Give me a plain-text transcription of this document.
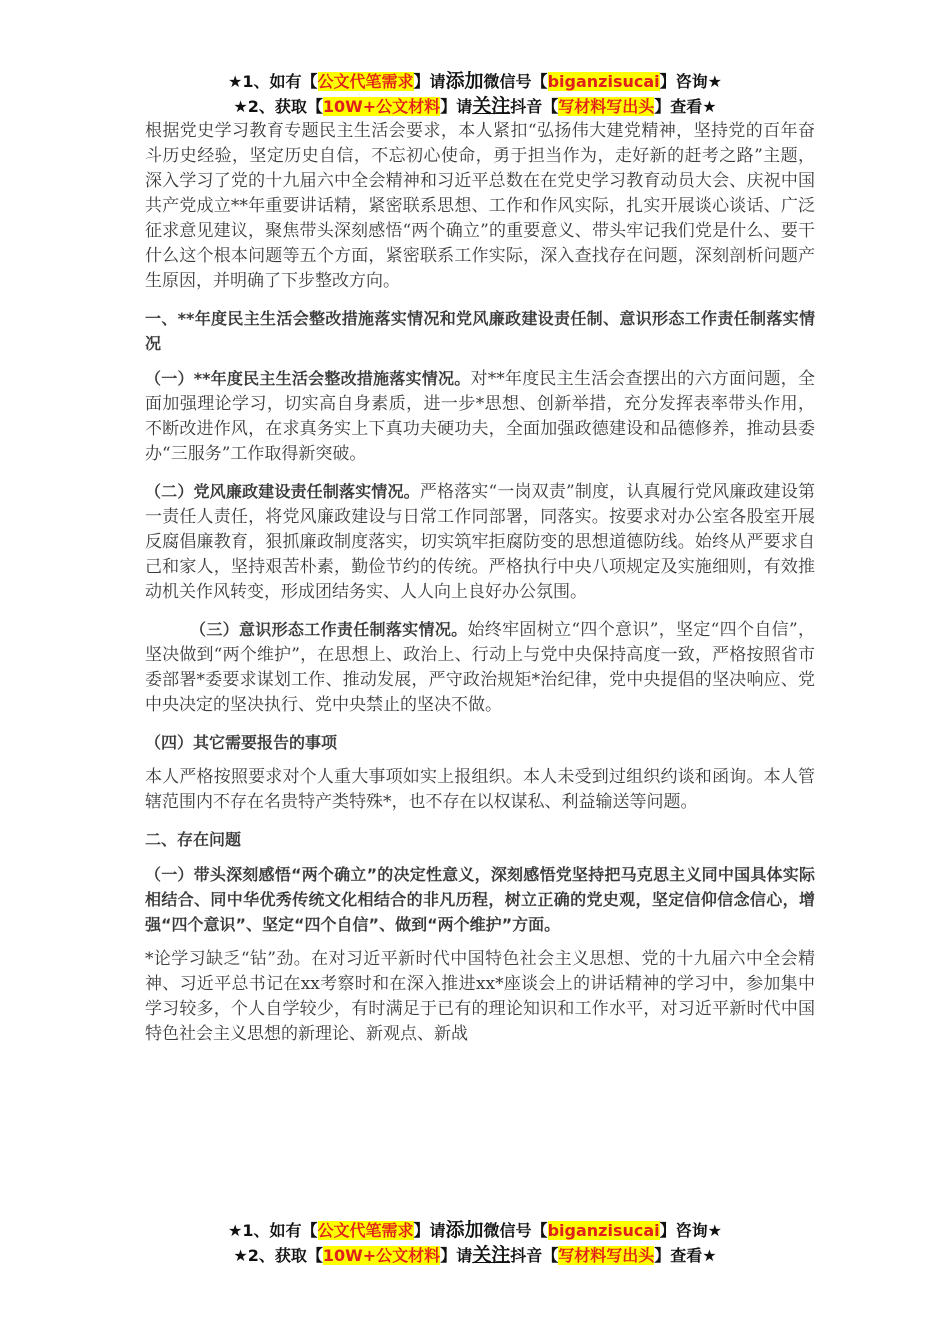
★1、如有【公文代笔需求】请添加微信号【biganzisucai】咨询★
★2、获取【10W+公文材料】请关注抖音【写材料写出头】查看★

根据党史学习教育专题民主生活会要求，本人紧扣“弘扬伟大建党精神，坚持党的百年奋斗历史经验，坚定历史自信，不忘初心使命，勇于担当作为，走好新的赶考之路”主题，深入学习了党的十九届六中全会精神和习近平总数在在党史学习教育动员大会、庆祝中国共产党成立**年重要讲话精，紧密联系思想、工作和作风实际，扎实开展谈心谈话、广泛征求意见建议，聚焦带头深刻感悟“两个确立”的重要意义、带头牢记我们党是什么、要干什么这个根本问题等五个方面，紧密联系工作实际，深入查找存在问题，深刻剖析问题产生原因，并明确了下步整改方向。

一、**年度民主生活会整改措施落实情况和党风廉政建设责任制、意识形态工作责任制落实情况

（一）**年度民主生活会整改措施落实情况。对**年度民主生活会查摆出的六方面问题，全面加强理论学习，切实高自身素质，进一步*思想、创新举措，充分发挥表率带头作用，不断改进作风，在求真务实上下真功夫硬功夫，全面加强政德建设和品德修养，推动县委办“三服务”工作取得新突破。

（二）党风廉政建设责任制落实情况。严格落实“一岗双责”制度，认真履行党风廉政建设第一责任人责任，将党风廉政建设与日常工作同部署，同落实。按要求对办公室各股室开展反腐倡廉教育，狠抓廉政制度落实，切实筑牢拒腐防变的思想道德防线。始终从严要求自己和家人，坚持艰苦朴素，勤俭节约的传统。严格执行中央八项规定及实施细则，有效推动机关作风转变，形成团结务实、人人向上良好办公氛围。

（三）意识形态工作责任制落实情况。始终牢固树立“四个意识”，坚定“四个自信”，坚决做到“两个维护”，在思想上、政治上、行动上与党中央保持高度一致，严格按照省市委部署*委要求谋划工作、推动发展，严守政治规矩*治纪律，党中央提倡的坚决响应、党中央决定的坚决执行、党中央禁止的坚决不做。

（四）其它需要报告的事项

本人严格按照要求对个人重大事项如实上报组织。本人未受到过组织约谈和函询。本人管辖范围内不存在名贵特产类特殊*，也不存在以权谋私、利益输送等问题。

二、存在问题

（一）带头深刻感悟“两个确立”的决定性意义，深刻感悟党坚持把马克思主义同中国具体实际相结合、同中华优秀传统文化相结合的非凡历程，树立正确的党史观，坚定信仰信念信心，增强“四个意识”、坚定“四个自信”、做到“两个维护”方面。

*论学习缺乏“钻”劲。在对习近平新时代中国特色社会主义思想、党的十九届六中全会精神、习近平总书记在xx考察时和在深入推进xx*座谈会上的讲话精神的学习中，参加集中学习较多，个人自学较少，有时满足于已有的理论知识和工作水平，对习近平新时代中国特色社会主义思想的新理论、新观点、新战

★1、如有【公文代笔需求】请添加微信号【biganzisucai】咨询★
★2、获取【10W+公文材料】请关注抖音【写材料写出头】查看★
